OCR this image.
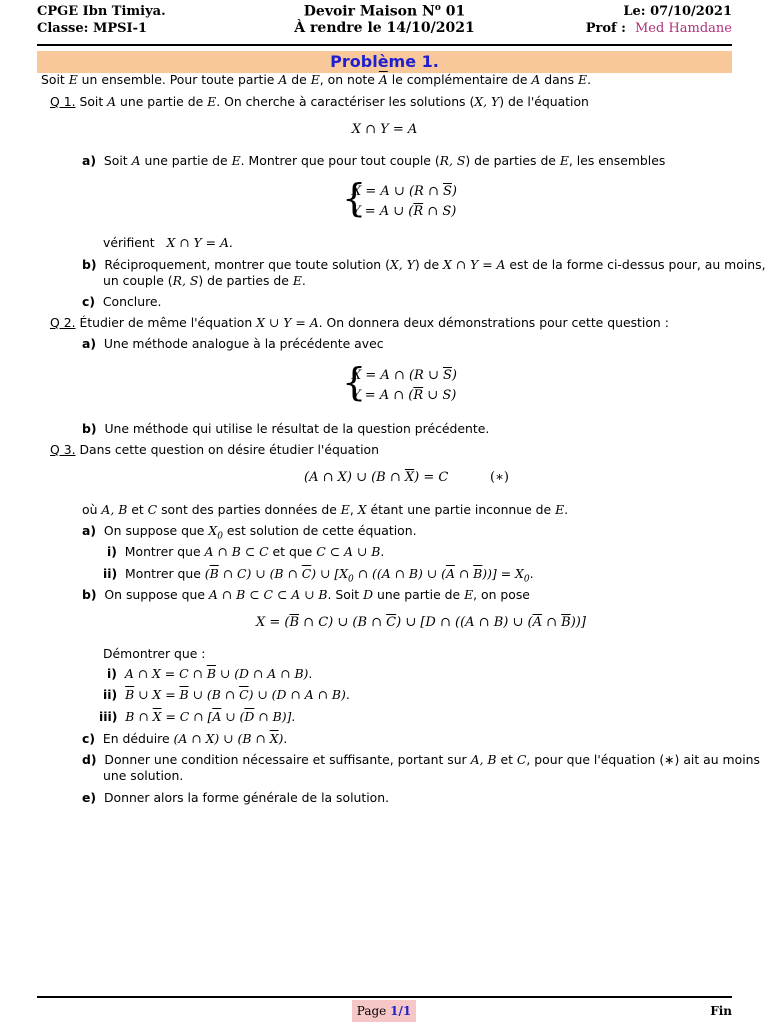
CPGE Ibn Timiya.
Classe: MPSI-1
Devoir Maison $N^o$ 01
À rendre le 14/10/2021
Le: 07/10/2021
Prof : Med Hamdane
Problème 1.
Soit E un ensemble. Pour toute partie A de E, on note $\overline{A}$ le complémentaire de A dans E.
Q 1. Soit A une partie de E. On cherche à caractériser les solutions (X, Y) de l'équation
X ∩ Y = A
a)  Soit A une partie de E. Montrer que pour tout couple (R, S) de parties de E, les ensembles
{
X = A ∪ (R ∩ $\overline{S}$)
Y = A ∪ ($\overline{R}$ ∩ S)
vérifient   X ∩ Y = A.
b)  Réciproquement, montrer que toute solution (X, Y) de X ∩ Y = A est de la forme ci-dessus pour, au moins,
un couple (R, S) de parties de E.
c) Conclure.
Q 2. Étudier de même l'équation X ∪ Y = A. On donnera deux démonstrations pour cette question :
a) Une méthode analogue à la précédente avec
{
X = A ∩ (R ∪ $\overline{S}$)
Y = A ∩ ($\overline{R}$ ∪ S)
b) Une méthode qui utilise le résultat de la question précédente.
Q 3. Dans cette question on désire étudier l'équation
(A ∩ X) ∪ (B ∩ $\overline{X}) = C$	(∗)
où A, B et C sont des parties données de E, X étant une partie inconnue de E.
a)  On suppose que $X_0$ est solution de cette équation.
i)  Montrer que A ∩ B ⊂ C et que C ⊂ A ∪ B.
ii)  Montrer que ($\overline{B}$ ∩ C) ∪ (B ∩ $\overline{C}$) ∪ [$X_0$ ∩ ((A ∩ B) ∪ ($\overline{A}$ ∩ $\overline{B}))] = X_0$.
b)  On suppose que A ∩ B ⊂ C ⊂ A ∪ B. Soit D une partie de E, on pose
$X = (\overline{B}$ ∩ C) ∪ (B ∩ $\overline{C}$) ∪ [D ∩ ((A ∩ B) ∪ ($\overline{A}$ ∩ $\overline{B}$))]
Démontrer que :
i) A ∩ X = C ∩ $\overline{B}$ ∪ (D ∩ A ∩ B).
ii) $\overline{B}$ ∪ $X = \overline{B}$ ∪ (B ∩ $\overline{C}$) ∪ (D ∩ A ∩ B).
iii) B ∩ $\overline{X} = C$ ∩ [$\overline{A}$ ∪ ($\overline{D}$ ∩ B)].
c)  En déduire (A ∩ X) ∪ (B ∩ $\overline{X}$).
d)  Donner une condition nécessaire et suffisante, portant sur A, B et C, pour que l'équation (∗) ait au moins
une solution.
e) Donner alors la forme générale de la solution.
Page 1/1	Fin
